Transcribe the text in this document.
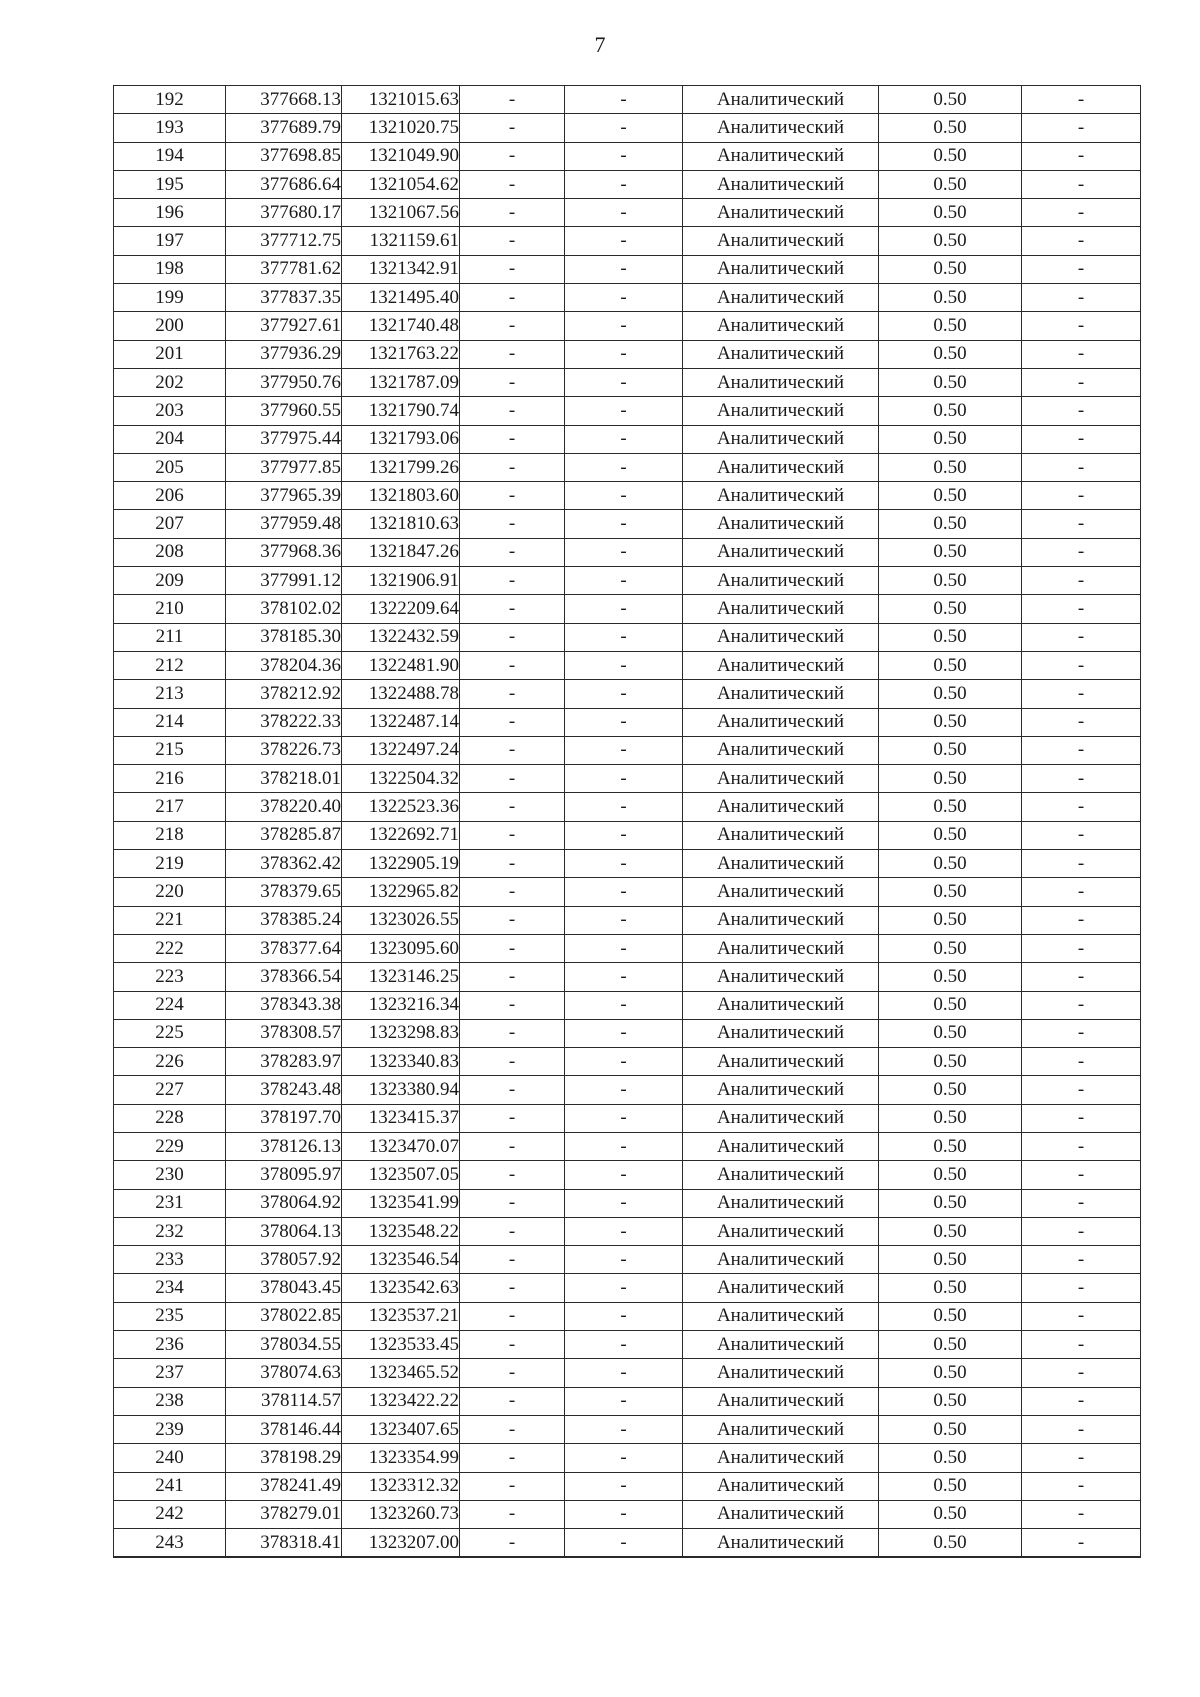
7
192	377668.13	1321015.63	-	-	Аналитический	0.50	-
193	377689.79	1321020.75	-	-	Аналитический	0.50	-
194	377698.85	1321049.90	-	-	Аналитический	0.50	-
195	377686.64	1321054.62	-	-	Аналитический	0.50	-
196	377680.17	1321067.56	-	-	Аналитический	0.50	-
197	377712.75	1321159.61	-	-	Аналитический	0.50	-
198	377781.62	1321342.91	-	-	Аналитический	0.50	-
199	377837.35	1321495.40	-	-	Аналитический	0.50	-
200	377927.61	1321740.48	-	-	Аналитический	0.50	-
201	377936.29	1321763.22	-	-	Аналитический	0.50	-
202	377950.76	1321787.09	-	-	Аналитический	0.50	-
203	377960.55	1321790.74	-	-	Аналитический	0.50	-
204	377975.44	1321793.06	-	-	Аналитический	0.50	-
205	377977.85	1321799.26	-	-	Аналитический	0.50	-
206	377965.39	1321803.60	-	-	Аналитический	0.50	-
207	377959.48	1321810.63	-	-	Аналитический	0.50	-
208	377968.36	1321847.26	-	-	Аналитический	0.50	-
209	377991.12	1321906.91	-	-	Аналитический	0.50	-
210	378102.02	1322209.64	-	-	Аналитический	0.50	-
211	378185.30	1322432.59	-	-	Аналитический	0.50	-
212	378204.36	1322481.90	-	-	Аналитический	0.50	-
213	378212.92	1322488.78	-	-	Аналитический	0.50	-
214	378222.33	1322487.14	-	-	Аналитический	0.50	-
215	378226.73	1322497.24	-	-	Аналитический	0.50	-
216	378218.01	1322504.32	-	-	Аналитический	0.50	-
217	378220.40	1322523.36	-	-	Аналитический	0.50	-
218	378285.87	1322692.71	-	-	Аналитический	0.50	-
219	378362.42	1322905.19	-	-	Аналитический	0.50	-
220	378379.65	1322965.82	-	-	Аналитический	0.50	-
221	378385.24	1323026.55	-	-	Аналитический	0.50	-
222	378377.64	1323095.60	-	-	Аналитический	0.50	-
223	378366.54	1323146.25	-	-	Аналитический	0.50	-
224	378343.38	1323216.34	-	-	Аналитический	0.50	-
225	378308.57	1323298.83	-	-	Аналитический	0.50	-
226	378283.97	1323340.83	-	-	Аналитический	0.50	-
227	378243.48	1323380.94	-	-	Аналитический	0.50	-
228	378197.70	1323415.37	-	-	Аналитический	0.50	-
229	378126.13	1323470.07	-	-	Аналитический	0.50	-
230	378095.97	1323507.05	-	-	Аналитический	0.50	-
231	378064.92	1323541.99	-	-	Аналитический	0.50	-
232	378064.13	1323548.22	-	-	Аналитический	0.50	-
233	378057.92	1323546.54	-	-	Аналитический	0.50	-
234	378043.45	1323542.63	-	-	Аналитический	0.50	-
235	378022.85	1323537.21	-	-	Аналитический	0.50	-
236	378034.55	1323533.45	-	-	Аналитический	0.50	-
237	378074.63	1323465.52	-	-	Аналитический	0.50	-
238	378114.57	1323422.22	-	-	Аналитический	0.50	-
239	378146.44	1323407.65	-	-	Аналитический	0.50	-
240	378198.29	1323354.99	-	-	Аналитический	0.50	-
241	378241.49	1323312.32	-	-	Аналитический	0.50	-
242	378279.01	1323260.73	-	-	Аналитический	0.50	-
243	378318.41	1323207.00	-	-	Аналитический	0.50	-
